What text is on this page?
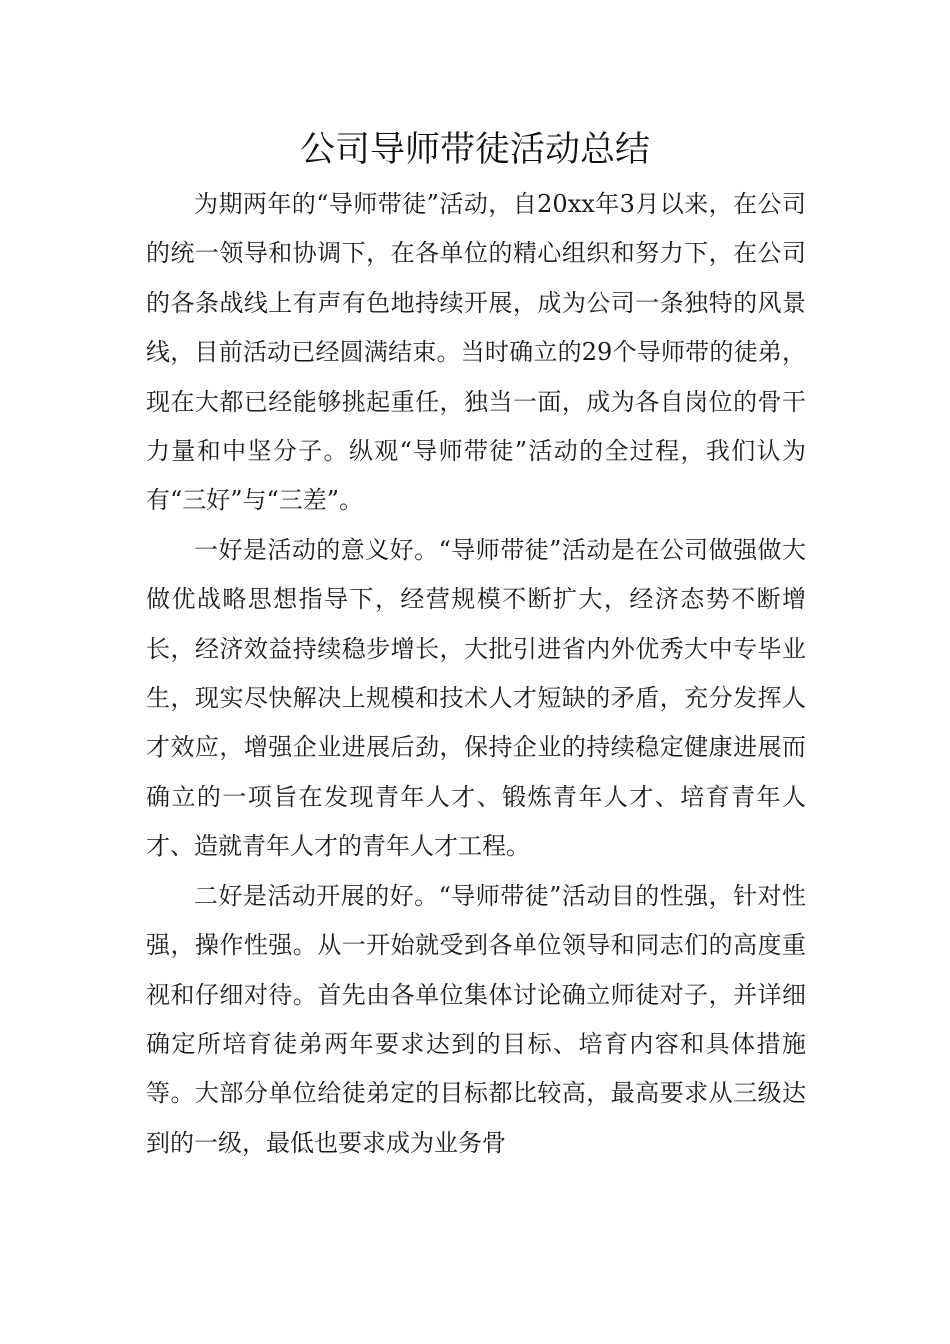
公司导师带徒活动总结

为期两年的“导师带徒”活动，自20xx年3月以来，在公司的统一领导和协调下，在各单位的精心组织和努力下，在公司的各条战线上有声有色地持续开展，成为公司一条独特的风景线，目前活动已经圆满结束。当时确立的29个导师带的徒弟，现在大都已经能够挑起重任，独当一面，成为各自岗位的骨干力量和中坚分子。纵观“导师带徒”活动的全过程，我们认为有“三好”与“三差”。

一好是活动的意义好。“导师带徒”活动是在公司做强做大做优战略思想指导下，经营规模不断扩大，经济态势不断增长，经济效益持续稳步增长，大批引进省内外优秀大中专毕业生，现实尽快解决上规模和技术人才短缺的矛盾，充分发挥人才效应，增强企业进展后劲，保持企业的持续稳定健康进展而确立的一项旨在发现青年人才、锻炼青年人才、培育青年人才、造就青年人才的青年人才工程。

二好是活动开展的好。“导师带徒”活动目的性强，针对性强，操作性强。从一开始就受到各单位领导和同志们的高度重视和仔细对待。首先由各单位集体讨论确立师徒对子，并详细确定所培育徒弟两年要求达到的目标、培育内容和具体措施等。大部分单位给徒弟定的目标都比较高，最高要求从三级达到的一级，最低也要求成为业务骨
